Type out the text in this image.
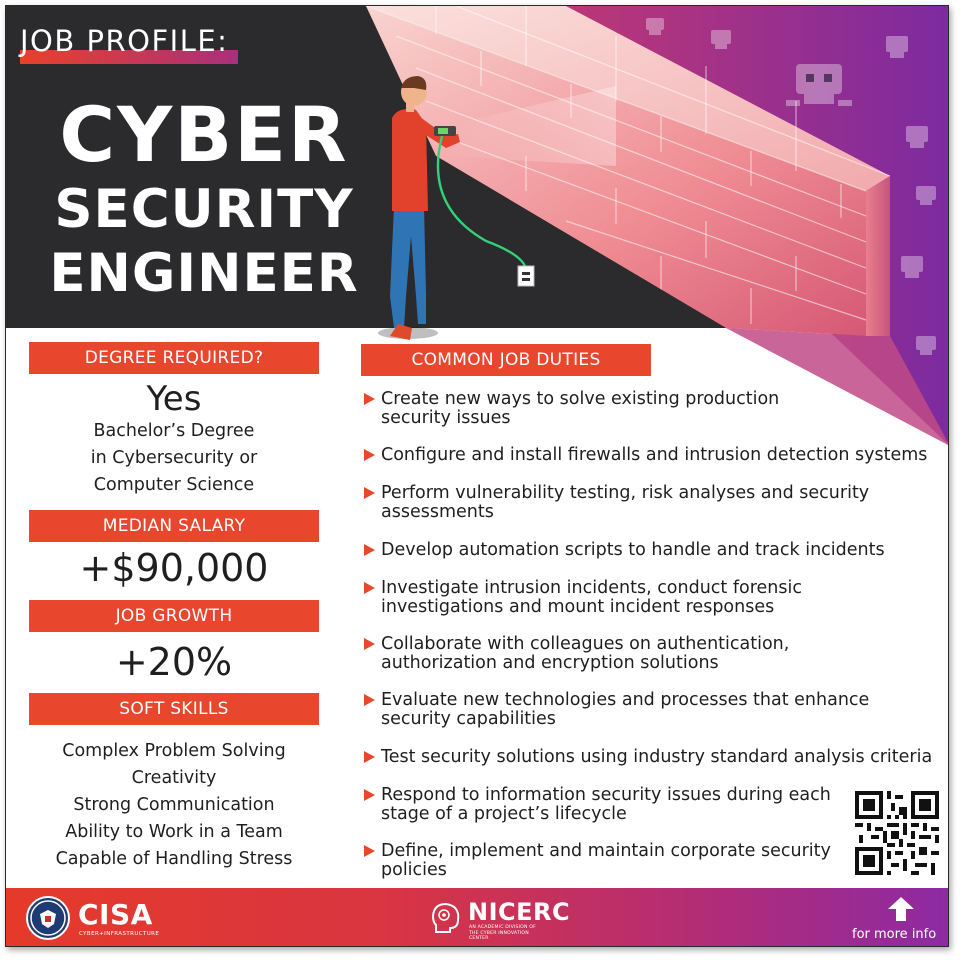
JOB PROFILE:
CYBER
SECURITY
ENGINEER
DEGREE REQUIRED?
Yes
Bachelor’s Degree
in Cybersecurity or
Computer Science
MEDIAN SALARY
+$90,000
JOB GROWTH
+20%
SOFT SKILLS
Complex Problem Solving
Creativity
Strong Communication
Ability to Work in a Team
Capable of Handling Stress
COMMON JOB DUTIES
Create new ways to solve existing production
security issues
Configure and install firewalls and intrusion detection systems
Perform vulnerability testing, risk analyses and security
assessments
Develop automation scripts to handle and track incidents
Investigate intrusion incidents, conduct forensic
investigations and mount incident responses
Collaborate with colleagues on authentication,
authorization and encryption solutions
Evaluate new technologies and processes that enhance
security capabilities
Test security solutions using industry standard analysis criteria
Respond to information security issues during each
stage of a project’s lifecycle
Define, implement and maintain corporate security
policies
CISA
CYBER+INFRASTRUCTURE
NICERC
AN ACADEMIC DIVISION OF THE CYBER INNOVATION CENTER	for more info
